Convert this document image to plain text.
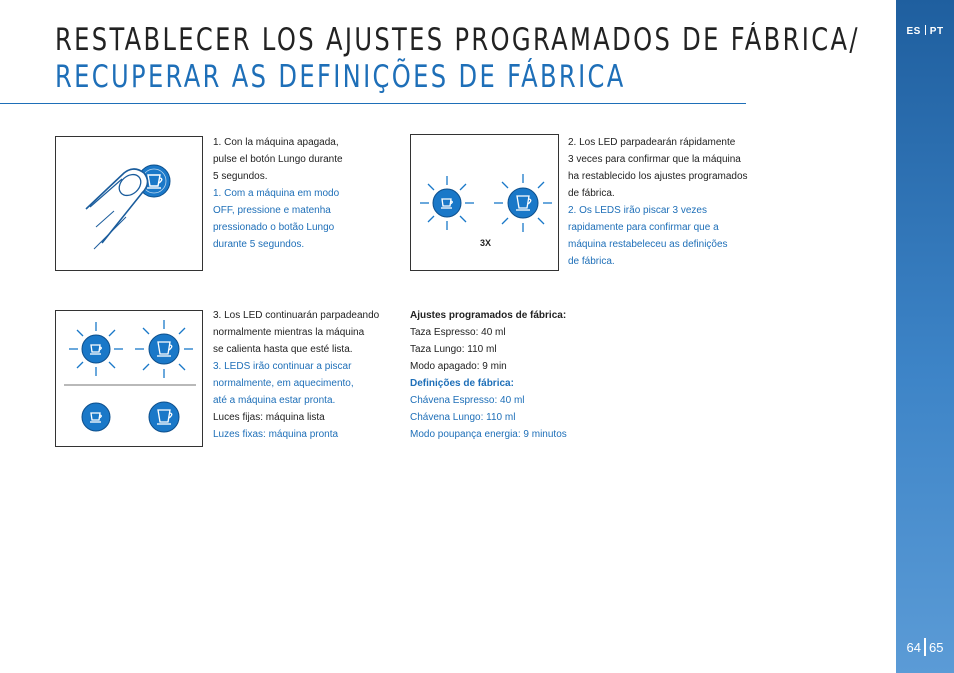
RESTABLECER LOS AJUSTES PROGRAMADOS DE FÁBRICA/
RECUPERAR AS DEFINIÇÕES DE FÁBRICA
ES PT
64 65

1. Con la máquina apagada,

pulse el botón Lungo durante

5 segundos.

1. Com a máquina em modo

OFF, pressione e matenha

pressionado o botão Lungo

durante 5 segundos.	3X

2. Los LED parpadearán rápidamente

3 veces para confirmar que la máquina

ha restablecido los ajustes programados

de fábrica.

2. Os LEDS irão piscar 3 vezes

rapidamente para confirmar que a

máquina restabeleceu as definições

de fábrica.

3. Los LED continuarán parpadeando

normalmente mientras la máquina

se calienta hasta que esté lista.

3. LEDS irão continuar a piscar

normalmente, em aquecimento,

até a máquina estar pronta.

Luces fijas: máquina lista

Luzes fixas: máquina pronta

Ajustes programados de fábrica:

Taza Espresso: 40 ml

Taza Lungo: 110 ml

Modo apagado: 9 min

Definições de fábrica:

Chávena Espresso: 40 ml

Chávena Lungo: 110 ml

Modo poupança energia: 9 minutos
